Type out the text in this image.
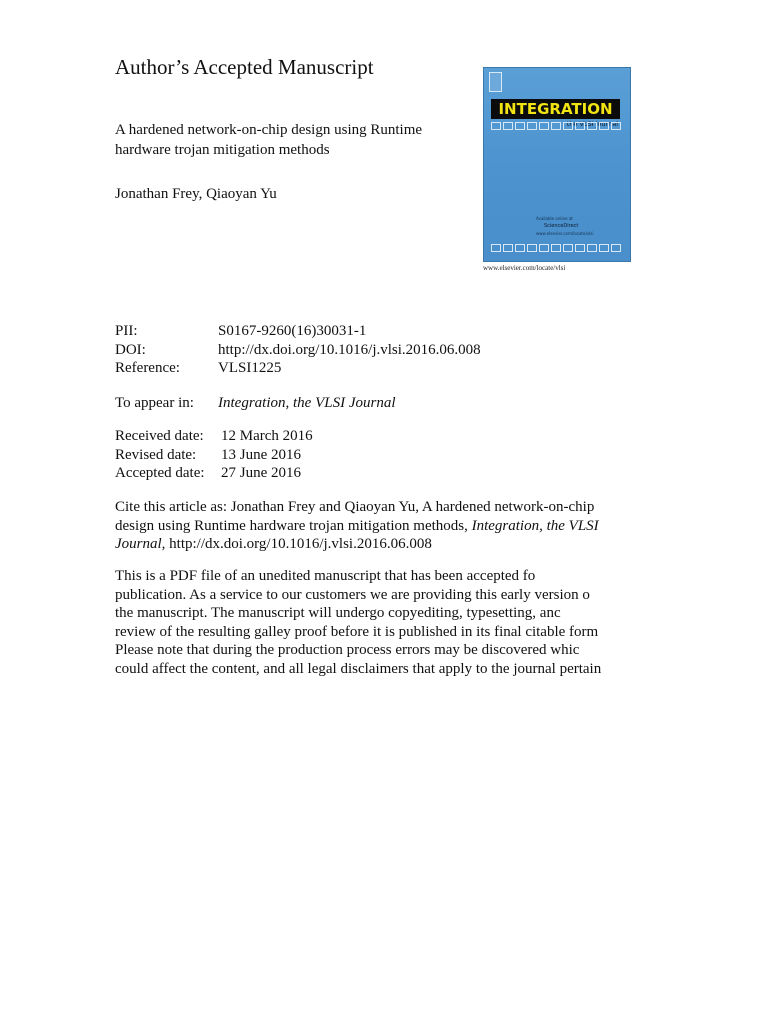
Author’s Accepted Manuscript
A hardened network-on-chip design using Runtime hardware trojan mitigation methods
Jonathan Frey, Qiaoyan Yu
INTEGRATION
the VLSI journal
Available online at
ScienceDirect
www.elsevier.com/locate/vlsi
www.elsevier.com/locate/vlsi
PII:	S0167-9260(16)30031-1
DOI:	http://dx.doi.org/10.1016/j.vlsi.2016.06.008
Reference:	VLSI1225
To appear in: Integration, the VLSI Journal
Received date: 12 March 2016
Revised date: 13 June 2016
Accepted date: 27 June 2016
Cite this article as: Jonathan Frey and Qiaoyan Yu, A hardened network-on-chip
design using Runtime hardware trojan mitigation methods, Integration, the VLSI
Journal, http://dx.doi.org/10.1016/j.vlsi.2016.06.008
This is a PDF file of an unedited manuscript that has been accepted fo
publication. As a service to our customers we are providing this early version o
the manuscript. The manuscript will undergo copyediting, typesetting, anc
review of the resulting galley proof before it is published in its final citable form
Please note that during the production process errors may be discovered whic
could affect the content, and all legal disclaimers that apply to the journal pertain
